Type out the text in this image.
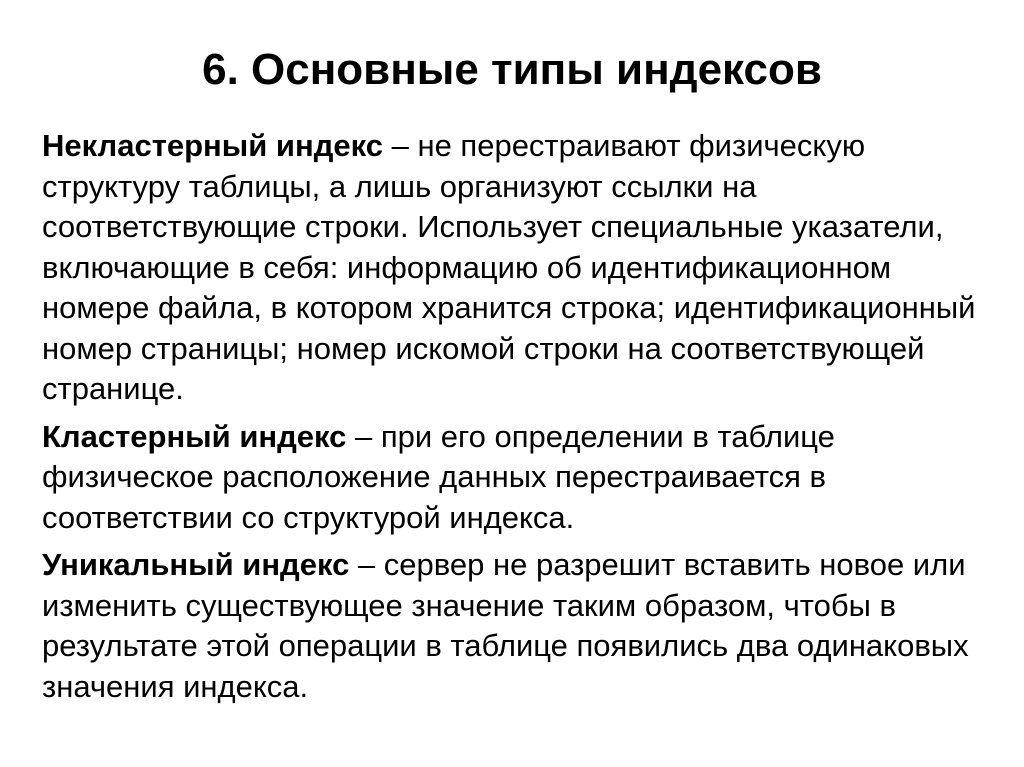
6. Основные типы индексов

Некластерный индекс – не перестраивают физическую структуру таблицы, а лишь организуют ссылки на соответствующие строки. Использует специальные указатели, включающие в себя: информацию об идентификационном номере файла, в котором хранится строка; идентификационный номер страницы; номер искомой строки на соответствующей странице.

Кластерный индекс – при его определении в таблице физическое расположение данных перестраивается в соответствии со структурой индекса.

Уникальный индекс – сервер не разрешит вставить новое или изменить существующее значение таким образом, чтобы в результате этой операции в таблице появились два одинаковых значения индекса.
